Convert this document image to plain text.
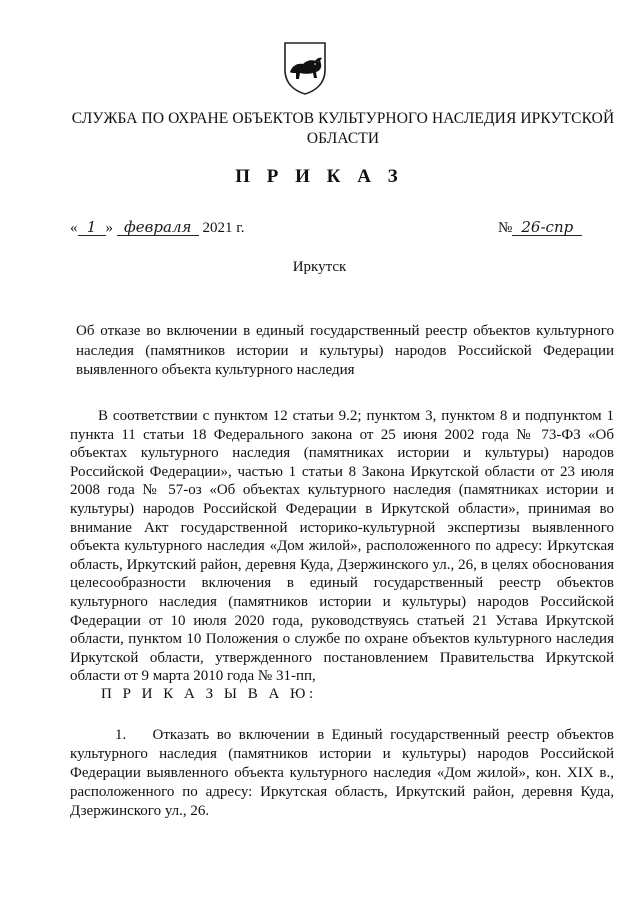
СЛУЖБА ПО ОХРАНЕ ОБЪЕКТОВ КУЛЬТУРНОГО НАСЛЕДИЯ ИРКУТСКОЙ ОБЛАСТИ
П Р И К А З
« 1 » февраля 2021 г.	№ 26-спр
Иркутск
Об отказе во включении в единый государственный реестр объектов культурного наследия (памятников истории и культуры) народов Российской Федерации выявленного объекта культурного наследия
В соответствии с пунктом 12 статьи 9.2; пунктом 3, пунктом 8 и подпунктом 1 пункта 11 статьи 18 Федерального закона от 25 июня 2002 года № 73-ФЗ «Об объектах культурного наследия (памятниках истории и культуры) народов Российской Федерации», частью 1 статьи 8 Закона Иркутской области от 23 июля 2008 года № 57-оз «Об объектах культурного наследия (памятниках истории и культуры) народов Российской Федерации в Иркутской области», принимая во внимание Акт государственной историко-культурной экспертизы выявленного объекта культурного наследия «Дом жилой», расположенного по адресу: Иркутская область, Иркутский район, деревня Куда, Дзержинского ул., 26, в целях обоснования целесообразности включения в единый государственный реестр объектов культурного наследия (памятников истории и культуры) народов Российской Федерации от 10 июля 2020 года, руководствуясь статьей 21 Устава Иркутской области, пунктом 10 Положения о службе по охране объектов культурного наследия Иркутской области, утвержденного постановлением Правительства Иркутской области от 9 марта 2010 года № 31-пп,
П Р И К А З Ы В А Ю:
1. Отказать во включении в Единый государственный реестр объектов культурного наследия (памятников истории и культуры) народов Российской Федерации выявленного объекта культурного наследия «Дом жилой», кон. XIX в., расположенного по адресу: Иркутская область, Иркутский район, деревня Куда, Дзержинского ул., 26.
